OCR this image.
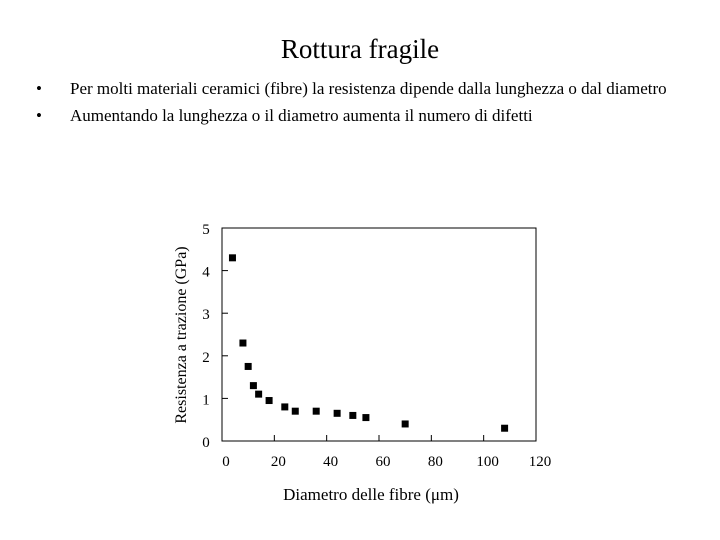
Rottura fragile
• Per molti materiali ceramici (fibre) la resistenza dipende dalla lunghezza o dal diametro
• Aumentando la lunghezza o il diametro aumenta il numero di difetti
0	20 40 60 80 100 120
0
1
2
3
4
5
Diametro delle fibre (μm)
Resistenza a trazione (GPa)
